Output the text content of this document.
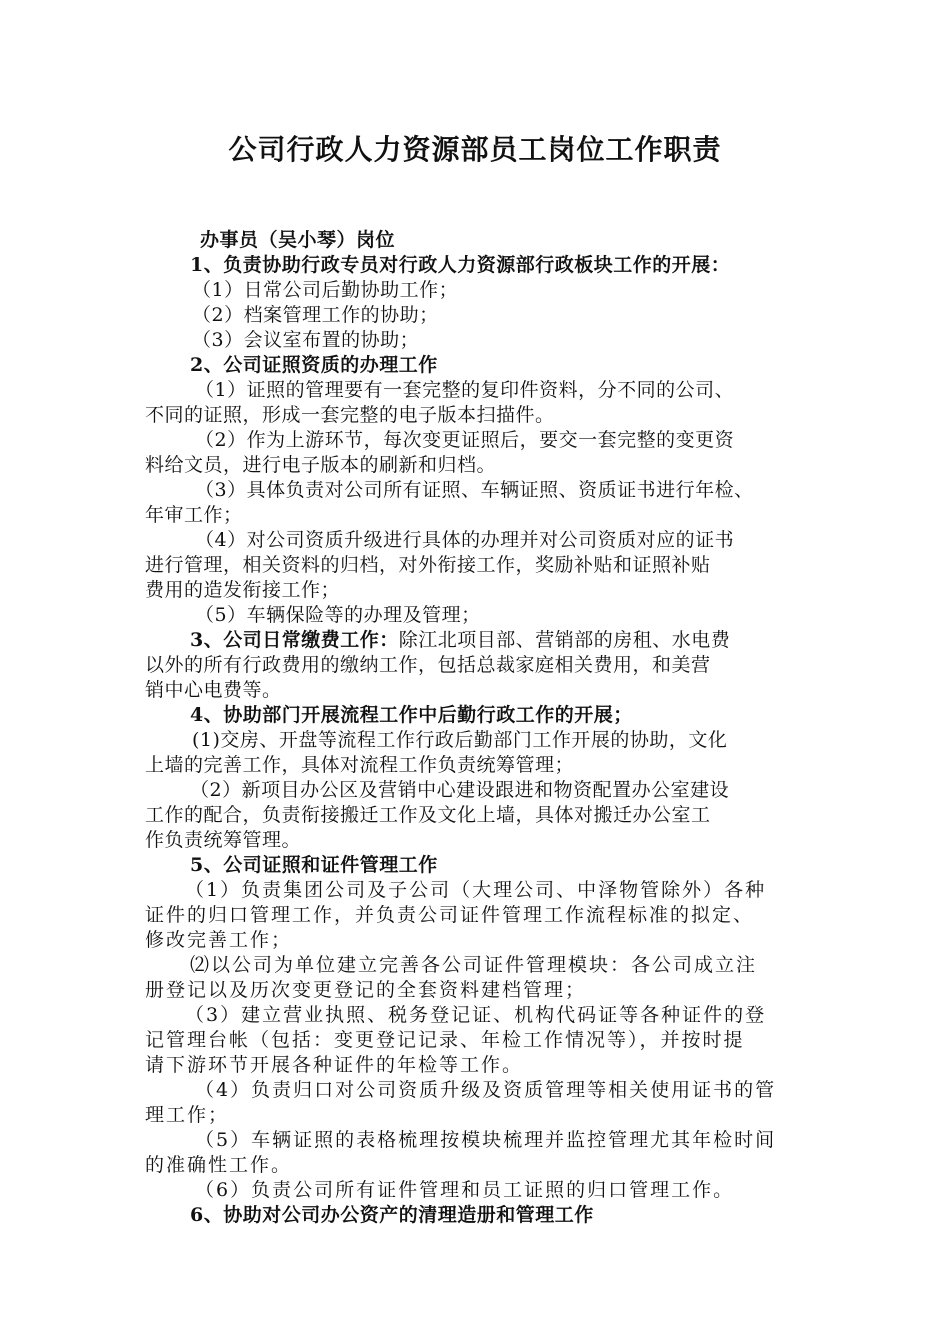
公司行政人力资源部员工岗位工作职责
办事员（吴小琴）岗位
1、负责协助行政专员对行政人力资源部行政板块工作的开展：
（1）日常公司后勤协助工作；
（2）档案管理工作的协助；
（3）会议室布置的协助；
2、公司证照资质的办理工作
（1）证照的管理要有一套完整的复印件资料，分不同的公司、
不同的证照，形成一套完整的电子版本扫描件。
（2）作为上游环节，每次变更证照后，要交一套完整的变更资
料给文员，进行电子版本的刷新和归档。
（3）具体负责对公司所有证照、车辆证照、资质证书进行年检、
年审工作；
（4）对公司资质升级进行具体的办理并对公司资质对应的证书
进行管理，相关资料的归档，对外衔接工作，奖励补贴和证照补贴
费用的造发衔接工作；
（5）车辆保险等的办理及管理；
3、公司日常缴费工作：除江北项目部、营销部的房租、水电费
以外的所有行政费用的缴纳工作，包括总裁家庭相关费用，和美营
销中心电费等。
4、协助部门开展流程工作中后勤行政工作的开展；
(1)交房、开盘等流程工作行政后勤部门工作开展的协助，文化
上墙的完善工作，具体对流程工作负责统筹管理；
（2）新项目办公区及营销中心建设跟进和物资配置办公室建设
工作的配合，负责衔接搬迁工作及文化上墙，具体对搬迁办公室工
作负责统筹管理。
5、公司证照和证件管理工作
（1）负责集团公司及子公司（大理公司、中泽物管除外）各种
证件的归口管理工作，并负责公司证件管理工作流程标准的拟定、
修改完善工作；
⑵以公司为单位建立完善各公司证件管理模块：各公司成立注
册登记以及历次变更登记的全套资料建档管理；
（3）建立营业执照、税务登记证、机构代码证等各种证件的登
记管理台帐（包括：变更登记记录、年检工作情况等），并按时提
请下游环节开展各种证件的年检等工作。
（4）负责归口对公司资质升级及资质管理等相关使用证书的管
理工作；
（5）车辆证照的表格梳理按模块梳理并监控管理尤其年检时间
的准确性工作。
（6）负责公司所有证件管理和员工证照的归口管理工作。
6、协助对公司办公资产的清理造册和管理工作
